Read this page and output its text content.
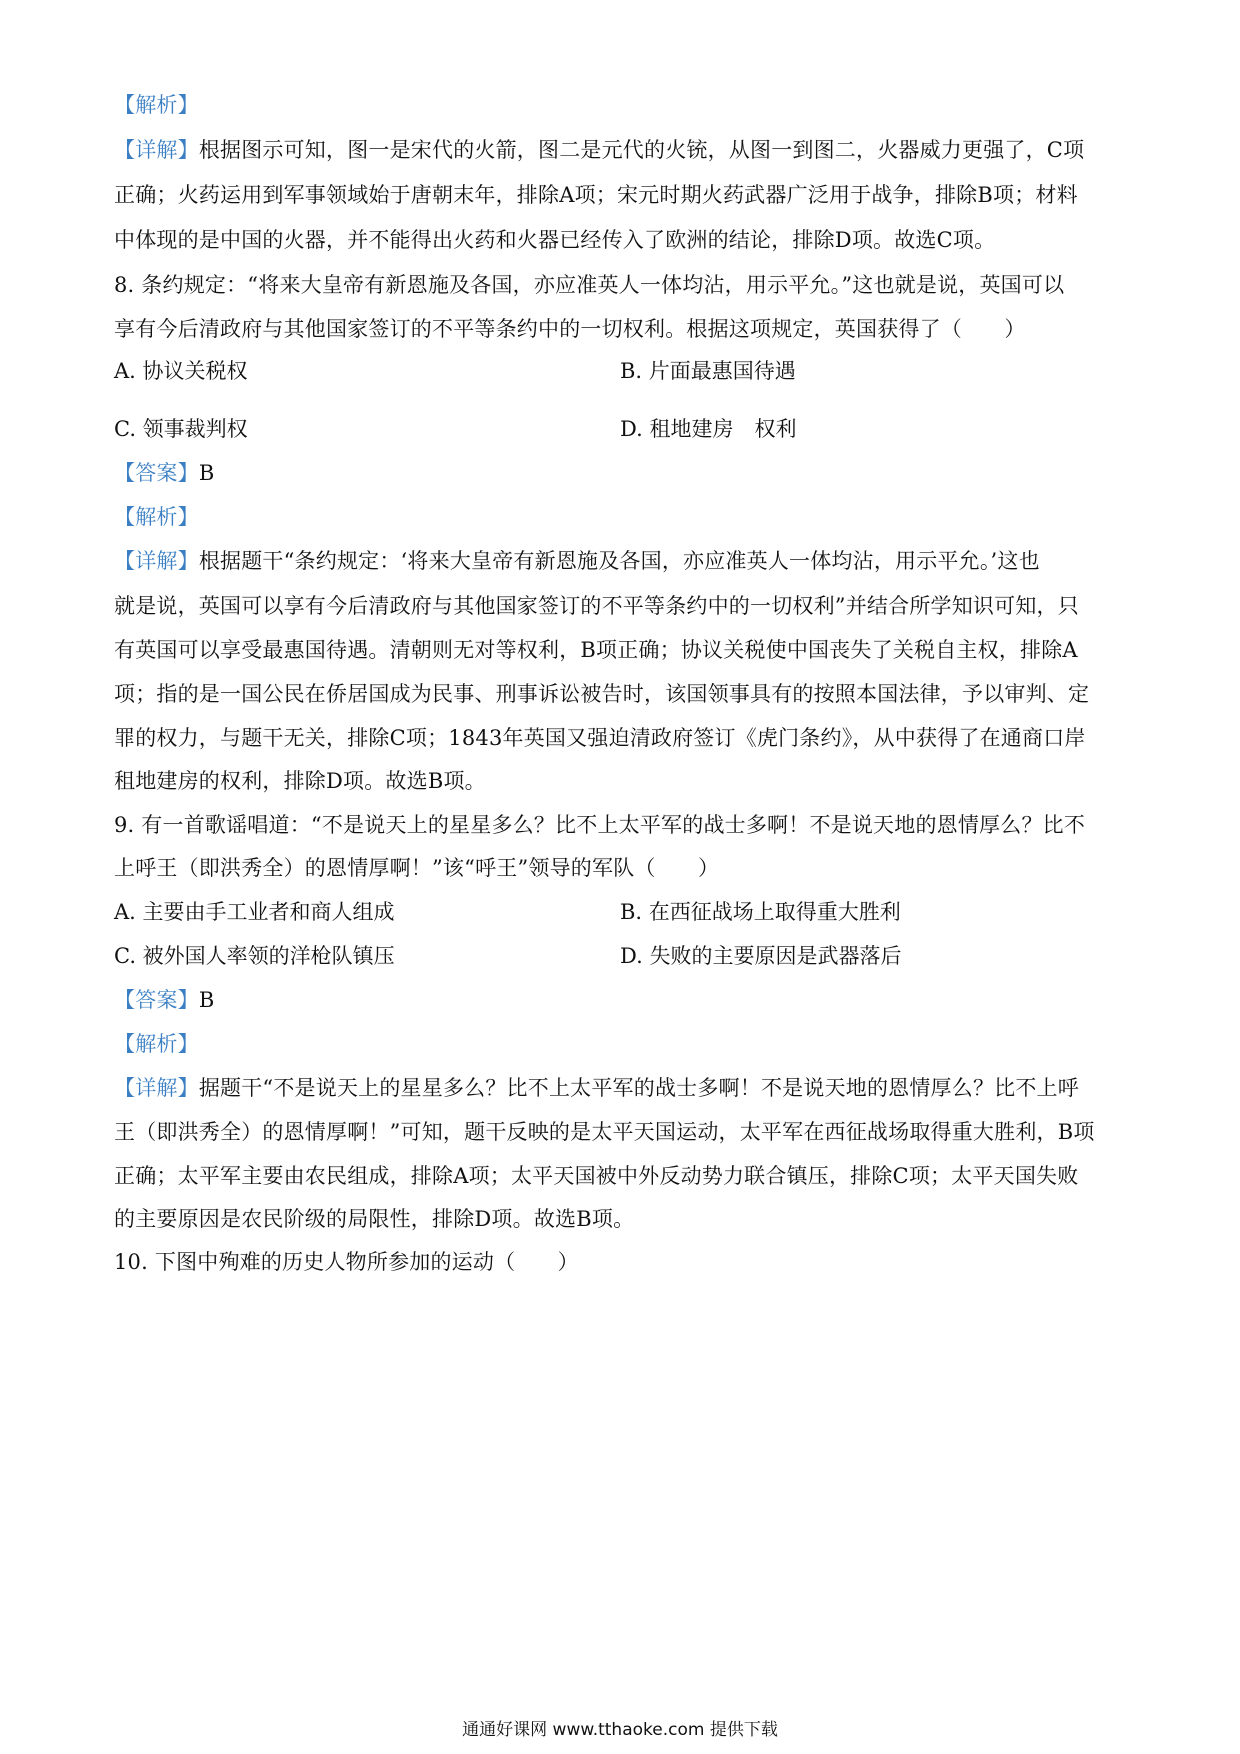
【解析】
【详解】根据图示可知，图一是宋代的火箭，图二是元代的火铳，从图一到图二，火器威力更强了，C项
正确；火药运用到军事领域始于唐朝末年，排除A项；宋元时期火药武器广泛用于战争，排除B项；材料
中体现的是中国的火器，并不能得出火药和火器已经传入了欧洲的结论，排除D项。故选C项。
8. 条约规定：“将来大皇帝有新恩施及各国，亦应准英人一体均沾，用示平允。”这也就是说，英国可以
享有今后清政府与其他国家签订的不平等条约中的一切权利。根据这项规定，英国获得了（　　）
A. 协议关税权	B. 片面最惠国待遇
C. 领事裁判权	D. 租地建房　权利
【答案】B
【解析】
【详解】根据题干“条约规定：‘将来大皇帝有新恩施及各国，亦应准英人一体均沾，用示平允。’这也
就是说，英国可以享有今后清政府与其他国家签订的不平等条约中的一切权利”并结合所学知识可知，只
有英国可以享受最惠国待遇。清朝则无对等权利，B项正确；协议关税使中国丧失了关税自主权，排除A
项；指的是一国公民在侨居国成为民事、刑事诉讼被告时，该国领事具有的按照本国法律，予以审判、定
罪的权力，与题干无关，排除C项；1843年英国又强迫清政府签订《虎门条约》，从中获得了在通商口岸
租地建房的权利，排除D项。故选B项。
9. 有一首歌谣唱道：“不是说天上的星星多么？比不上太平军的战士多啊！不是说天地的恩情厚么？比不
上呼王（即洪秀全）的恩情厚啊！”该“呼王”领导的军队（　　）
A. 主要由手工业者和商人组成	B. 在西征战场上取得重大胜利
C. 被外国人率领的洋枪队镇压	D. 失败的主要原因是武器落后
【答案】B
【解析】
【详解】据题干“不是说天上的星星多么？比不上太平军的战士多啊！不是说天地的恩情厚么？比不上呼
王（即洪秀全）的恩情厚啊！”可知，题干反映的是太平天国运动，太平军在西征战场取得重大胜利，B项
正确；太平军主要由农民组成，排除A项；太平天国被中外反动势力联合镇压，排除C项；太平天国失败
的主要原因是农民阶级的局限性，排除D项。故选B项。
10. 下图中殉难的历史人物所参加的运动（　　）
通通好课网 www.tthaoke.com 提供下载
